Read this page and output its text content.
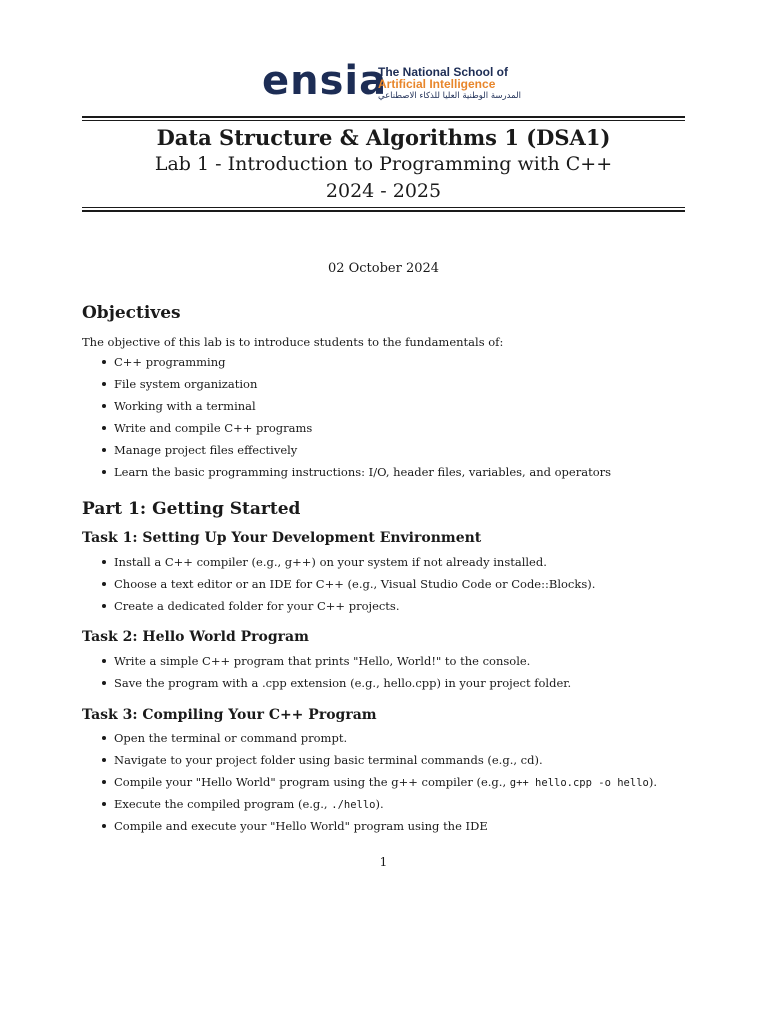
ensia
The National School of
Artificial Intelligence
المدرسة الوطنية العليا للذكاء الاصطناعي
Data Structure & Algorithms 1 (DSA1)
Lab 1 - Introduction to Programming with C++
2024 - 2025
02 October 2024
Objectives

The objective of this lab is to introduce students to the fundamentals of:

C++ programming
File system organization
Working with a terminal
Write and compile C++ programs
Manage project files effectively
Learn the basic programming instructions: I/O, header files, variables, and operators
Part 1: Getting Started
Task 1: Setting Up Your Development Environment
Install a C++ compiler (e.g., g++) on your system if not already installed.
Choose a text editor or an IDE for C++ (e.g., Visual Studio Code or Code::Blocks).
Create a dedicated folder for your C++ projects.
Task 2: Hello World Program
Write a simple C++ program that prints "Hello, World!" to the console.
Save the program with a .cpp extension (e.g., hello.cpp) in your project folder.
Task 3: Compiling Your C++ Program
Open the terminal or command prompt.
Navigate to your project folder using basic terminal commands (e.g., cd).
Compile your "Hello World" program using the g++ compiler (e.g., g++ hello.cpp -o hello).
Execute the compiled program (e.g., ./hello).
Compile and execute your "Hello World" program using the IDE
1
